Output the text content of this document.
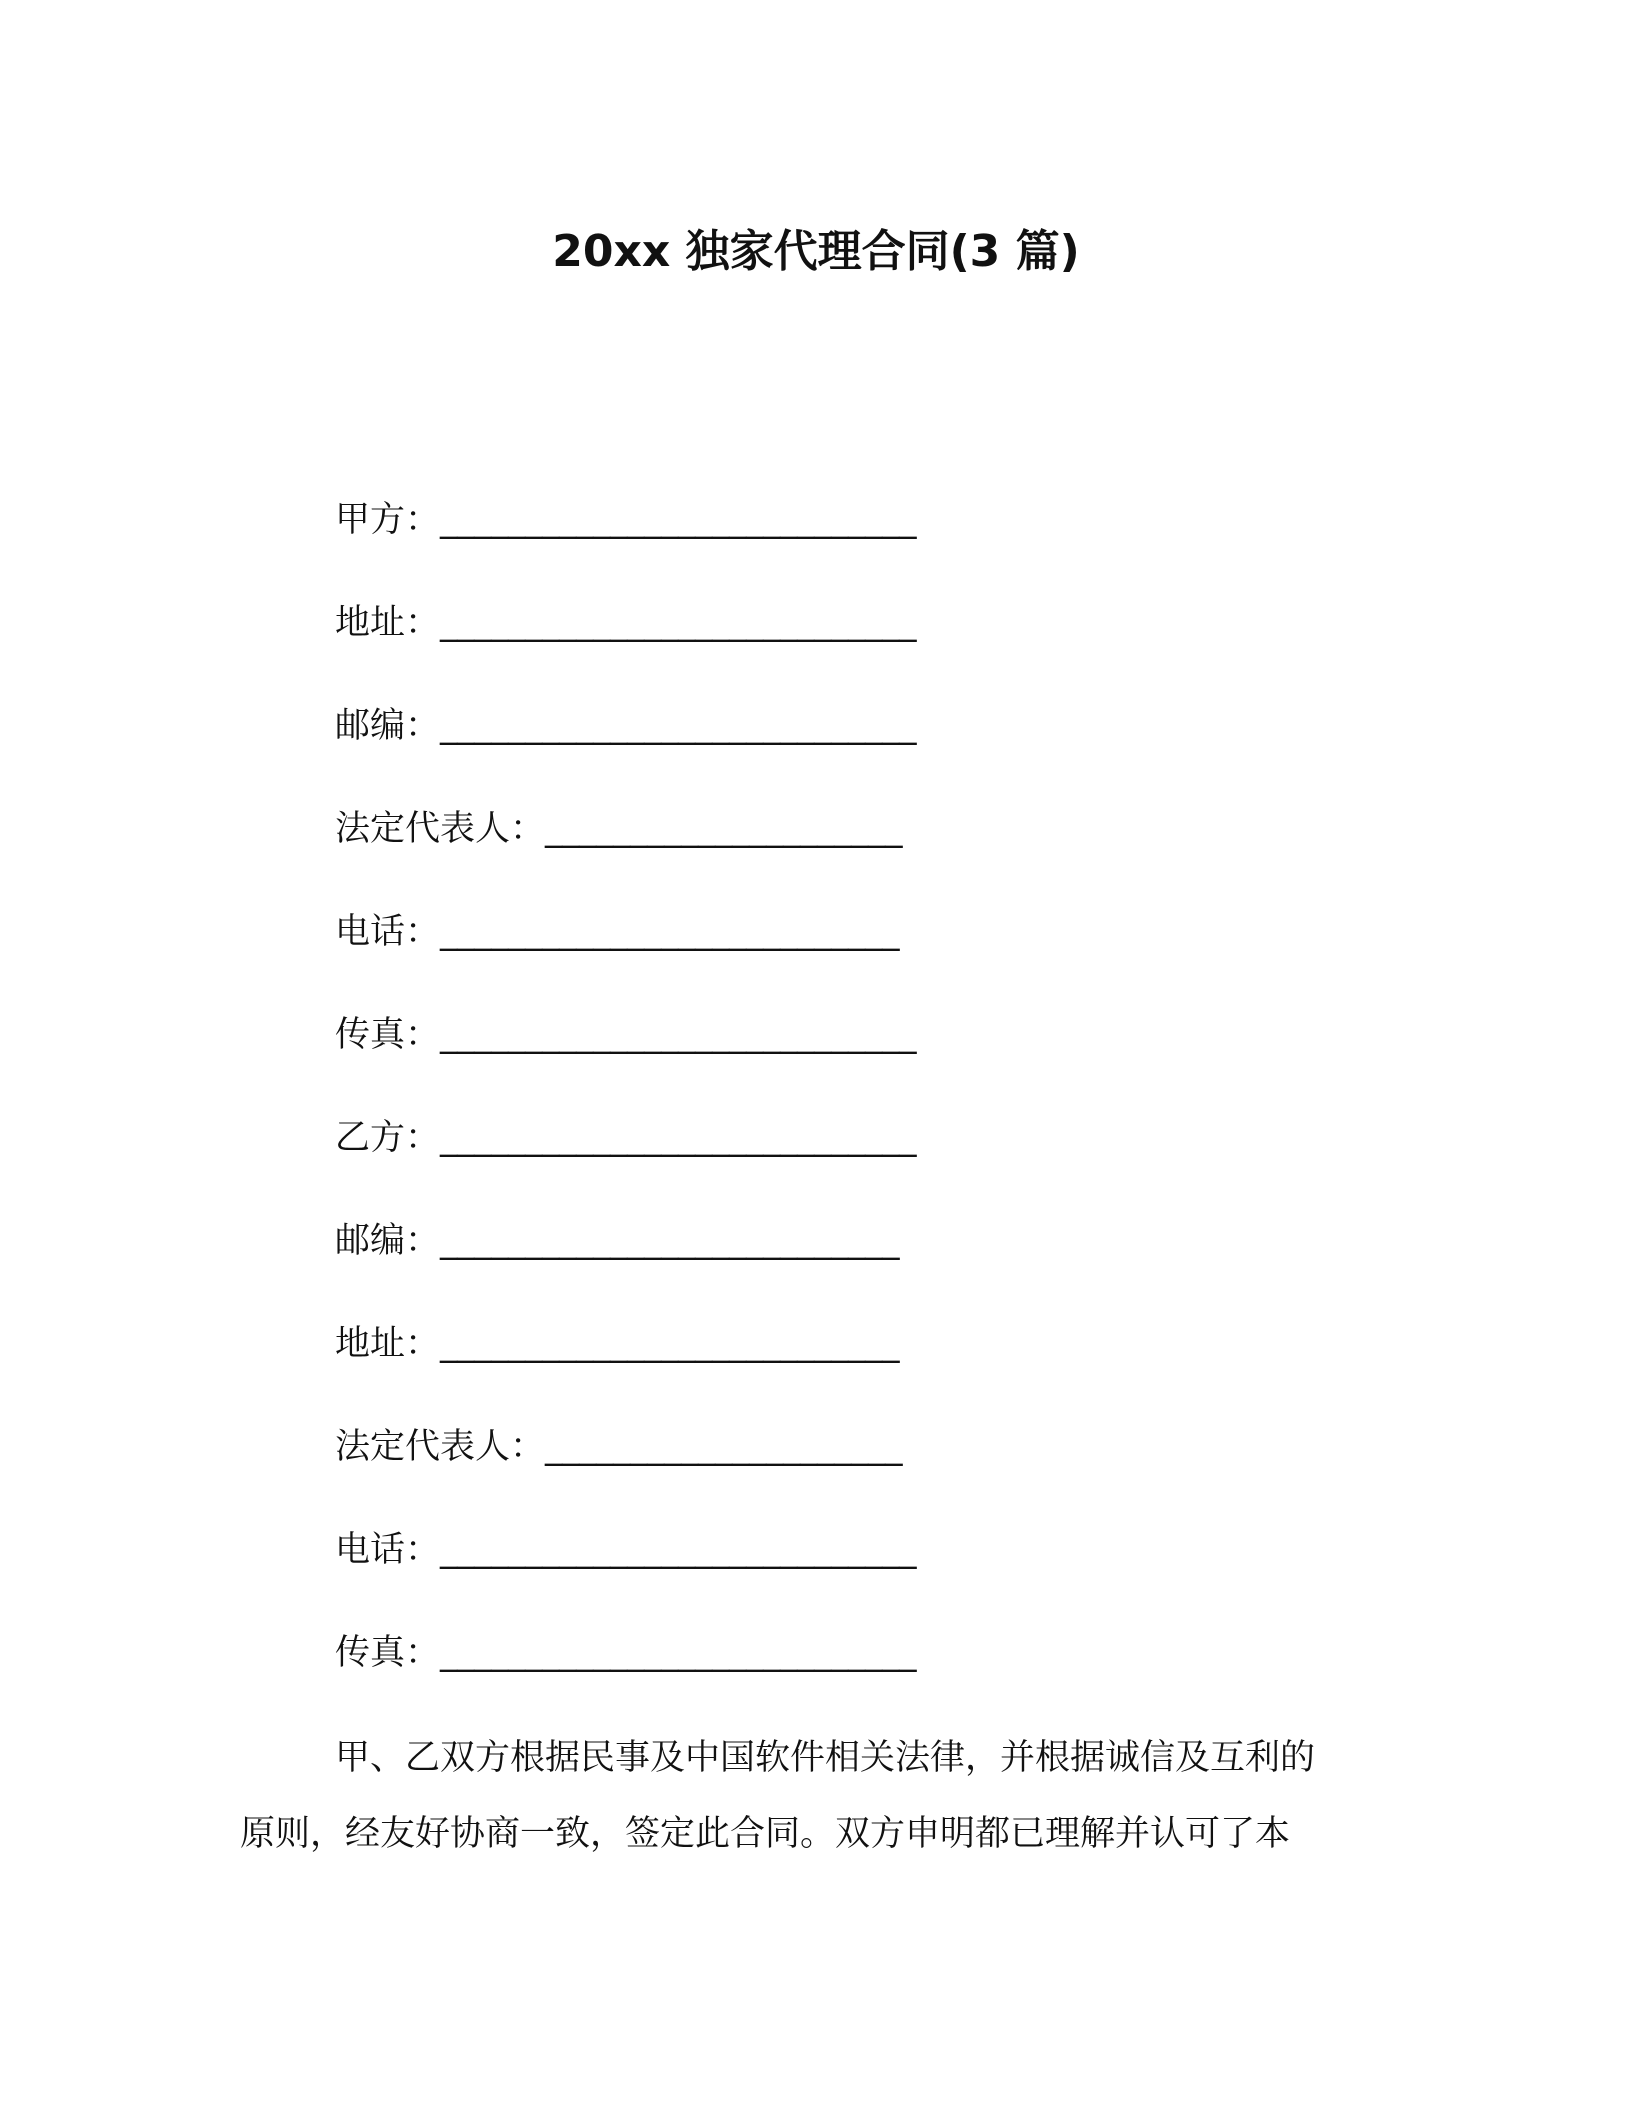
20xx 独家代理合同(3 篇)
甲方：____________________________
地址：____________________________
邮编：____________________________
法定代表人：_____________________
电话：___________________________
传真：____________________________
乙方：____________________________
邮编：___________________________
地址：___________________________
法定代表人：_____________________
电话：____________________________
传真：____________________________
甲、乙双方根据民事及中国软件相关法律，并根据诚信及互利的
原则，经友好协商一致，签定此合同。双方申明都已理解并认可了本
